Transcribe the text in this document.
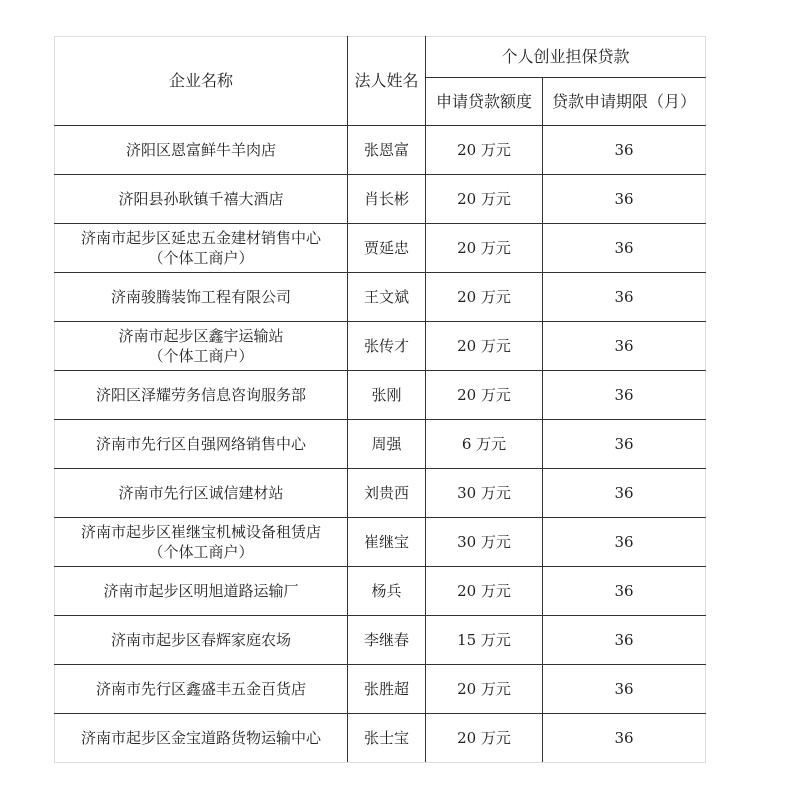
企业名称	法人姓名	个人创业担保贷款	
		申请贷款额度	贷款申请期限（月）
济阳区恩富鲜牛羊肉店	张恩富	20 万元	36
济阳县孙耿镇千禧大酒店	肖长彬	20 万元	36
济南市起步区延忠五金建材销售中心
（个体工商户）	贾延忠	20 万元	36
济南骏腾装饰工程有限公司	王文斌	20 万元	36
济南市起步区鑫宇运输站
（个体工商户）	张传才	20 万元	36
济阳区泽耀劳务信息咨询服务部	张刚	20 万元	36
济南市先行区自强网络销售中心	周强	6 万元	36
济南市先行区诚信建材站	刘贵西	30 万元	36
济南市起步区崔继宝机械设备租赁店
（个体工商户）	崔继宝	30 万元	36
济南市起步区明旭道路运输厂	杨兵	20 万元	36
济南市起步区春辉家庭农场	李继春	15 万元	36
济南市先行区鑫盛丰五金百货店	张胜超	20 万元	36
济南市起步区金宝道路货物运输中心	张士宝	20 万元	36
